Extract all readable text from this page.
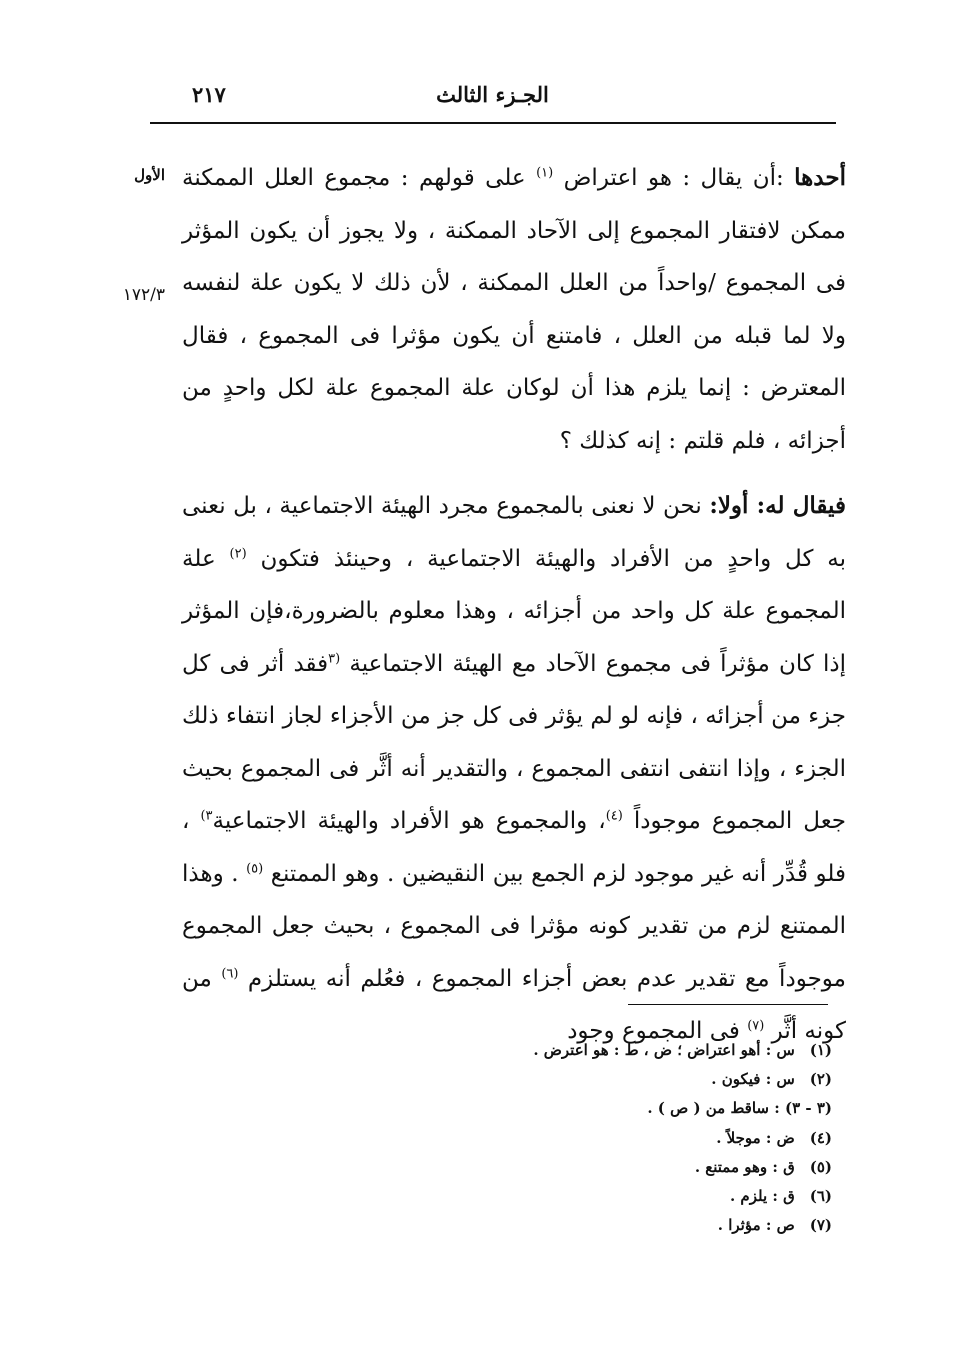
٢١٧	الجـزء الثالث
الأول
١٧٢/٣

أحدها :أن يقال : هو اعتراض $^{(١)}$ على قولهم : مجموع العلل الممكنة ممكن لافتقار المجموع إلى الآحاد الممكنة ، ولا يجوز أن يكون المؤثر فى المجموع /واحداً من العلل الممكنة ، لأن ذلك لا يكون علة لنفسه ولا لما قبله من العلل ، فامتنع أن يكون مؤثرا فى المجموع ، فقال المعترض : إنما يلزم هذا أن لوكان علة المجموع علة لكل واحدٍ من أجزائه ، فلم قلتم : إنه كذلك ؟

فيقال له: أولا: نحن لا نعنى بالمجموع مجرد الهيئة الاجتماعية ، بل نعنى به كل واحدٍ من الأفراد والهيئة الاجتماعية ، وحينئذ فتكون $^{(٢)}$ علة المجموع علة كل واحد من أجزائه ، وهذا معلوم بالضرورة،فإن المؤثر إذا كان مؤثراً فى مجموع الآحاد مع الهيئة الاجتماعية $^{(٣}$فقد أثر فى كل جزء من أجزائه ، فإنه لو لم يؤثر فى كل جز من الأجزاء لجاز انتفاء ذلك الجزء ، وإذا انتفى انتفى المجموع ، والتقدير أنه أثَّر فى المجموع بحيث جعل المجموع موجوداً $^{(٤)}$، والمجموع هو الأفراد والهيئة الاجتماعية$^{٣)}$ ، فلو قُدِّر أنه غير موجود لزم الجمع بين النقيضين . وهو الممتنع $^{(٥)}$ . وهذا الممتنع لزم من تقدير كونه مؤثرا فى المجموع ، بحيث جعل المجموع موجوداً مع تقدير عدم بعض أجزاء المجموع ، فعُلم أنه يستلزم $^{(٦)}$ من كونه أثَّر $^{(٧)}$ فى المجموع وجود

(١) س : أهو اعتراض ؛ ض ، ط : هو اعترض .

(٢) س : فيكون .

(٣ - ٣) : ساقط من ( ص ) .

(٤) ض : موجلاً .

(٥) ق : وهو ممتنع .

(٦) ق : يلزم .

(٧) ص : مؤثرا .
